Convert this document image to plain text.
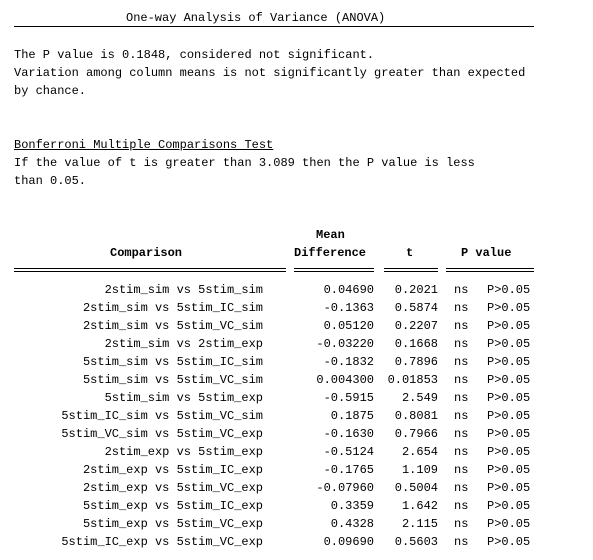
One-way Analysis of Variance (ANOVA)
The P value is 0.1848, considered not significant.
Variation among column means is not significantly greater than expected
by chance.
Bonferroni Multiple Comparisons Test
If the value of t is greater than 3.089 then the P value is less
than 0.05.
Mean
Comparison	Difference	t	P value
2stim_sim vs 5stim_sim	0.04690 0.2021 ns P>0.05
2stim_sim vs 5stim_IC_sim	-0.1363 0.5874 ns P>0.05
2stim_sim vs 5stim_VC_sim	0.05120 0.2207 ns P>0.05
2stim_sim vs 2stim_exp	-0.03220 0.1668 ns P>0.05
5stim_sim vs 5stim_IC_sim	-0.1832 0.7896 ns P>0.05
5stim_sim vs 5stim_VC_sim	0.004300 0.01853 ns P>0.05
5stim_sim vs 5stim_exp	-0.5915 2.549 ns P>0.05
5stim_IC_sim vs 5stim_VC_sim	0.1875 0.8081 ns P>0.05
5stim_VC_sim vs 5stim_VC_exp	-0.1630 0.7966 ns P>0.05
2stim_exp vs 5stim_exp	-0.5124 2.654 ns P>0.05
2stim_exp vs 5stim_IC_exp	-0.1765 1.109 ns P>0.05
2stim_exp vs 5stim_VC_exp	-0.07960 0.5004 ns P>0.05
5stim_exp vs 5stim_IC_exp	0.3359 1.642 ns P>0.05
5stim_exp vs 5stim_VC_exp	0.4328 2.115 ns P>0.05
5stim_IC_exp vs 5stim_VC_exp	0.09690 0.5603 ns P>0.05
